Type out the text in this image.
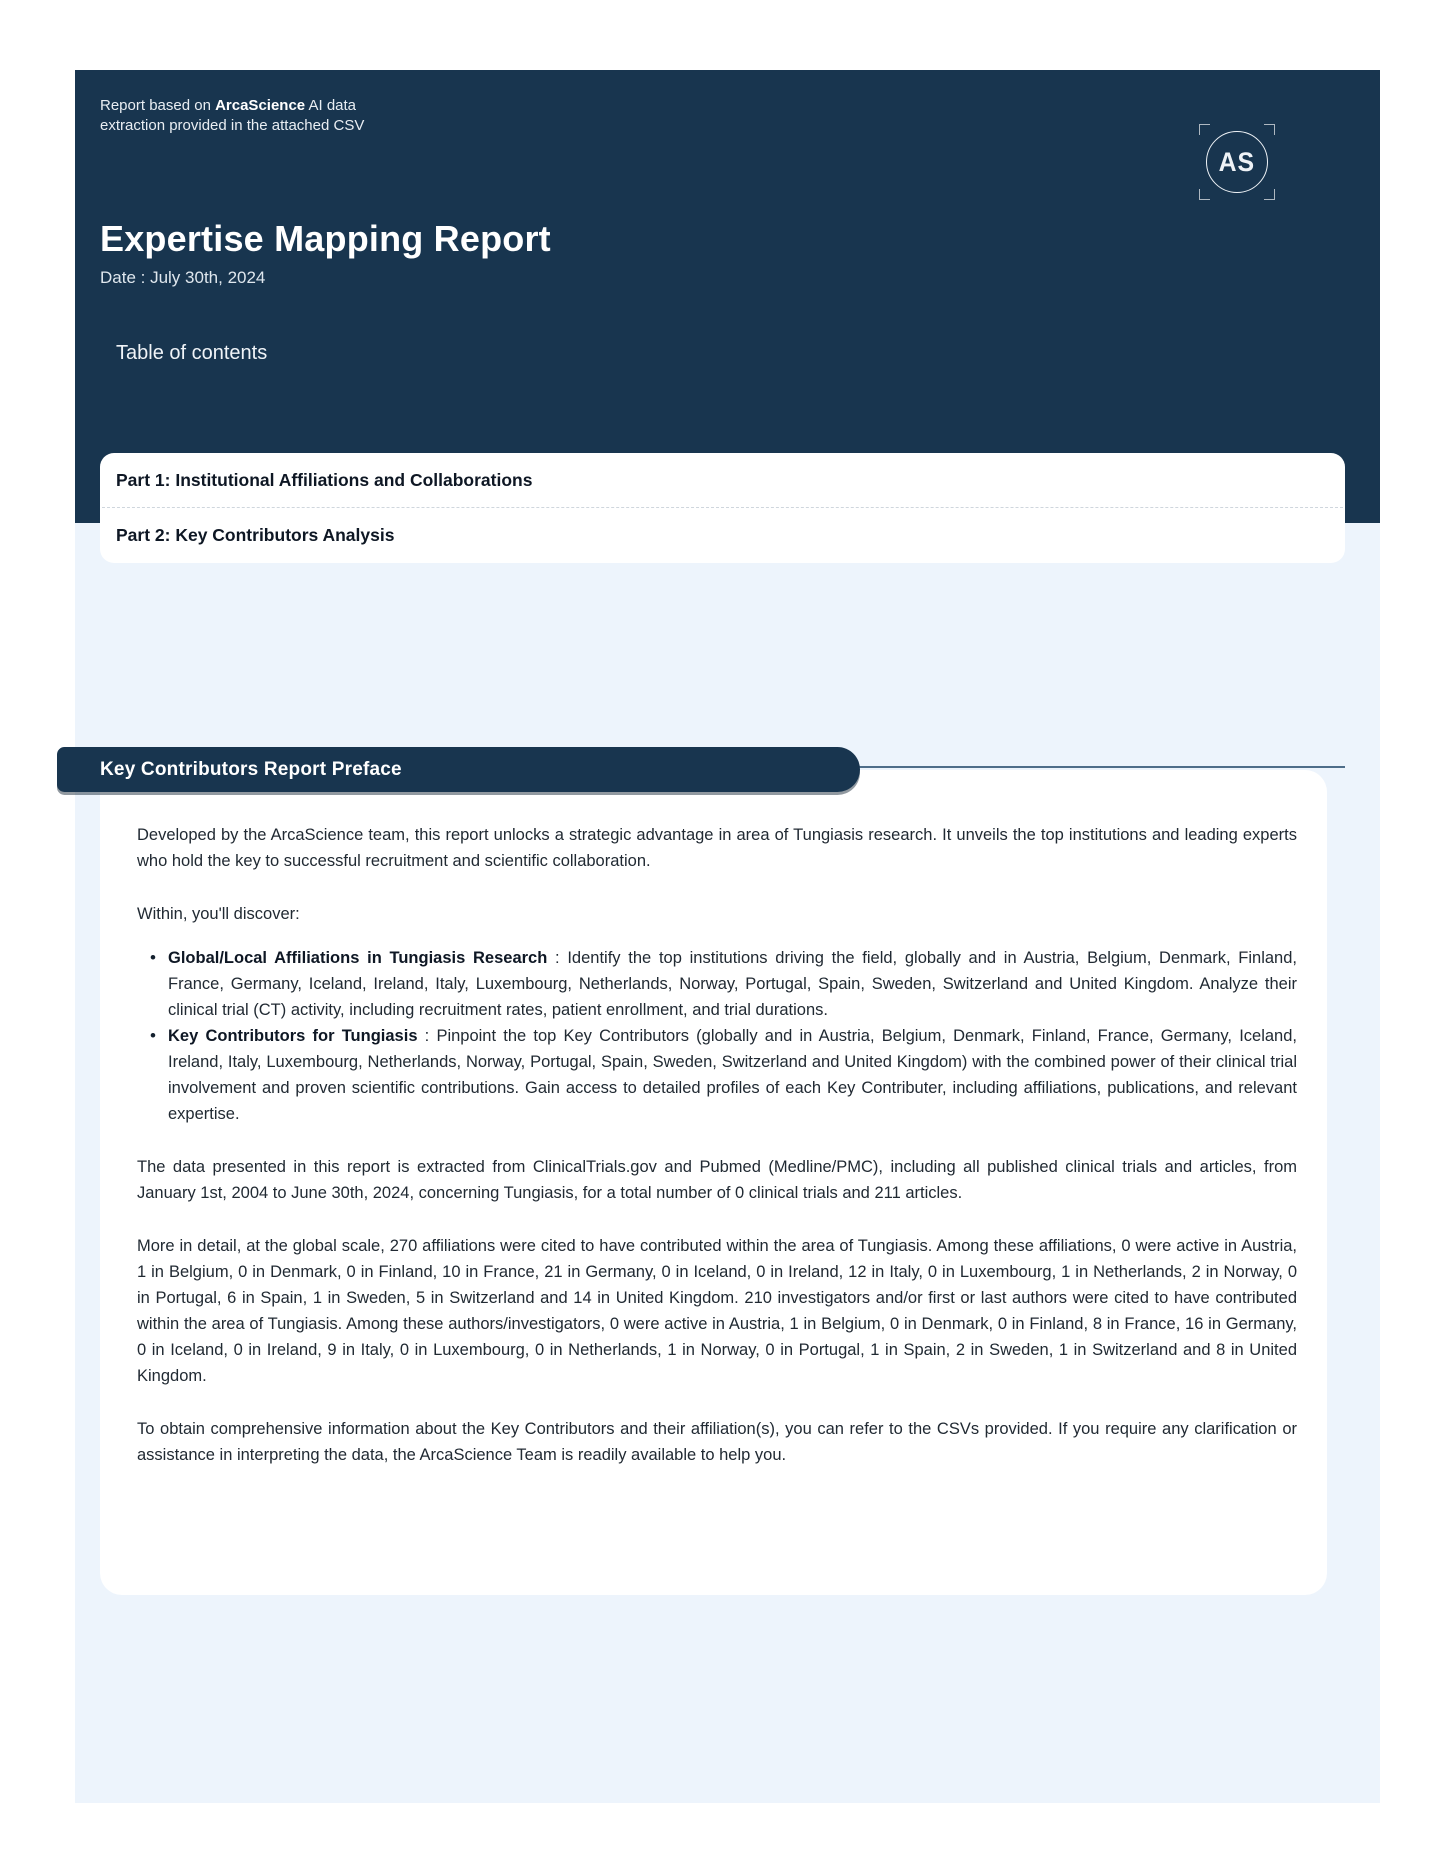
Report based on ArcaScience AI data extraction provided in the attached CSV
AS
Expertise Mapping Report
Date : July 30th, 2024
Table of contents
Part 1: Institutional Affiliations and Collaborations
Part 2: Key Contributors Analysis
Key Contributors Report Preface

Developed by the ArcaScience team, this report unlocks a strategic advantage in area of Tungiasis research. It unveils the top institutions and leading experts who hold the key to successful recruitment and scientific collaboration.

Within, you'll discover:

• Global/Local Affiliations in Tungiasis Research : Identify the top institutions driving the field, globally and in Austria, Belgium, Denmark, Finland, France, Germany, Iceland, Ireland, Italy, Luxembourg, Netherlands, Norway, Portugal, Spain, Sweden, Switzerland and United Kingdom. Analyze their clinical trial (CT) activity, including recruitment rates, patient enrollment, and trial durations.
• Key Contributors for Tungiasis : Pinpoint the top Key Contributors (globally and in Austria, Belgium, Denmark, Finland, France, Germany, Iceland, Ireland, Italy, Luxembourg, Netherlands, Norway, Portugal, Spain, Sweden, Switzerland and United Kingdom) with the combined power of their clinical trial involvement and proven scientific contributions. Gain access to detailed profiles of each Key Contributer, including affiliations, publications, and relevant expertise.

The data presented in this report is extracted from ClinicalTrials.gov and Pubmed (Medline/PMC), including all published clinical trials and articles, from January 1st, 2004 to June 30th, 2024, concerning Tungiasis, for a total number of 0 clinical trials and 211 articles.

More in detail, at the global scale, 270 affiliations were cited to have contributed within the area of Tungiasis. Among these affiliations, 0 were active in Austria, 1 in Belgium, 0 in Denmark, 0 in Finland, 10 in France, 21 in Germany, 0 in Iceland, 0 in Ireland, 12 in Italy, 0 in Luxembourg, 1 in Netherlands, 2 in Norway, 0 in Portugal, 6 in Spain, 1 in Sweden, 5 in Switzerland and 14 in United Kingdom. 210 investigators and/or first or last authors were cited to have contributed within the area of Tungiasis. Among these authors/investigators, 0 were active in Austria, 1 in Belgium, 0 in Denmark, 0 in Finland, 8 in France, 16 in Germany, 0 in Iceland, 0 in Ireland, 9 in Italy, 0 in Luxembourg, 0 in Netherlands, 1 in Norway, 0 in Portugal, 1 in Spain, 2 in Sweden, 1 in Switzerland and 8 in United Kingdom.

To obtain comprehensive information about the Key Contributors and their affiliation(s), you can refer to the CSVs provided. If you require any clarification or assistance in interpreting the data, the ArcaScience Team is readily available to help you.
